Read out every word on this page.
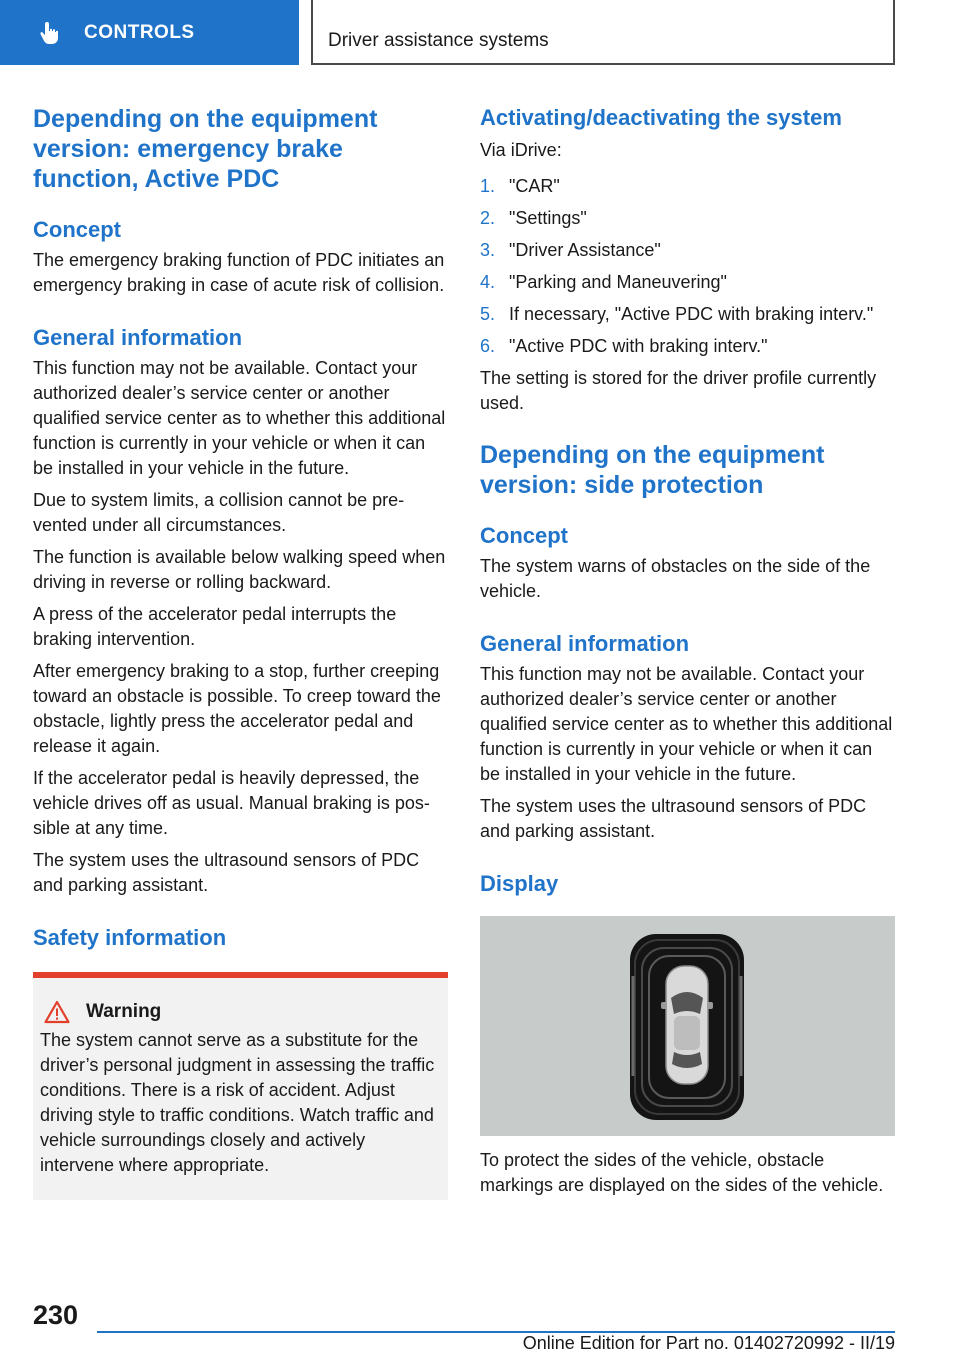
CONTROLS	Driver assistance systems
Depending on the equipment version: emergency brake function, Active PDC
Concept
The emergency braking function of PDC initiates an emergency braking in case of acute risk of collision.
General information
This function may not be available. Contact your authorized dealer’s service center or another qualified service center as to whether this additional function is currently in your vehicle or when it can be installed in your vehicle in the future.
Due to system limits, a collision cannot be prevented under all circumstances.
The function is available below walking speed when driving in reverse or rolling backward.
A press of the accelerator pedal interrupts the braking intervention.
After emergency braking to a stop, further creeping toward an obstacle is possible. To creep toward the obstacle, lightly press the accelerator pedal and release it again.
If the accelerator pedal is heavily depressed, the vehicle drives off as usual. Manual braking is possible at any time.
The system uses the ultrasound sensors of PDC and parking assistant.
Safety information
Warning
The system cannot serve as a substitute for the driver’s personal judgment in assessing the traffic conditions. There is a risk of accident. Adjust driving style to traffic conditions. Watch traffic and vehicle surroundings closely and actively intervene where appropriate.
Activating/deactivating the system
Via iDrive:
1. "CAR"
2. "Settings"
3. "Driver Assistance"
4. "Parking and Maneuvering"
5. If necessary, "Active PDC with braking interv."
6. "Active PDC with braking interv."
The setting is stored for the driver profile currently used.
Depending on the equipment version: side protection
Concept
The system warns of obstacles on the side of the vehicle.
General information
This function may not be available. Contact your authorized dealer’s service center or another qualified service center as to whether this additional function is currently in your vehicle or when it can be installed in your vehicle in the future.
The system uses the ultrasound sensors of PDC and parking assistant.
Display
To protect the sides of the vehicle, obstacle markings are displayed on the sides of the vehicle.
230
Online Edition for Part no. 01402720992 - II/19
